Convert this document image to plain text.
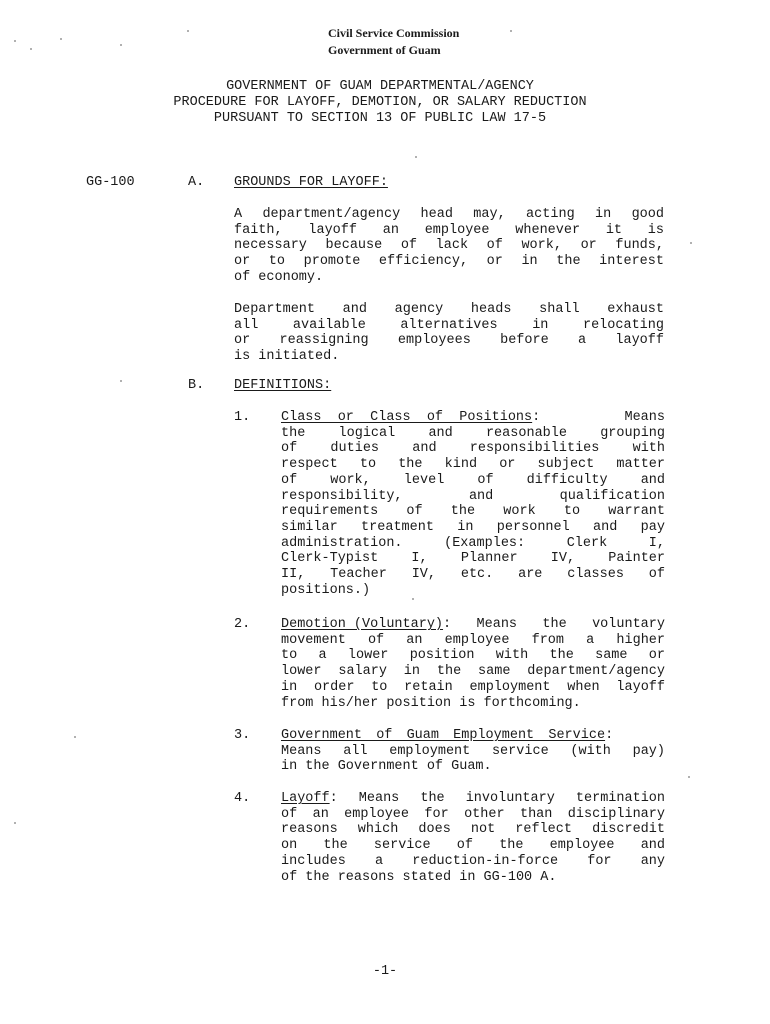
Civil Service Commission
Government of Guam
GOVERNMENT OF GUAM DEPARTMENTAL/AGENCY
PROCEDURE FOR LAYOFF, DEMOTION, OR SALARY REDUCTION
PURSUANT TO SECTION 13 OF PUBLIC LAW 17-5
GG-100	A. GROUNDS FOR LAYOFF:
A department/agency head may, acting in good
faith, layoff an employee whenever it is
necessary because of lack of work, or funds,
or to promote efficiency, or in the interest
of economy.
Department and agency heads shall exhaust
all available alternatives in relocating
or reassigning employees before a layoff
is initiated.
B. DEFINITIONS:
1. Class or Class of Positions : Means
the logical and reasonable grouping
of duties and responsibilities with
respect to the kind or subject matter
of work, level of difficulty and
responsibility, and qualification
requirements of the work to warrant
similar treatment in personnel and pay
administration. (Examples: Clerk I,
Clerk-Typist I, Planner IV, Painter
II, Teacher IV, etc. are classes of
positions.)
2. Demotion (Voluntary) : Means the voluntary
movement of an employee from a higher
to a lower position with the same or
lower salary in the same department/agency
in order to retain employment when layoff
from his/her position is forthcoming.
3. Government of Guam Employment Service :
Means all employment service (with pay)
in the Government of Guam.
4. Layoff : Means the involuntary termination
of an employee for other than disciplinary
reasons which does not reflect discredit
on the service of the employee and
includes a reduction-in-force for any
of the reasons stated in GG-100 A.
-1-
